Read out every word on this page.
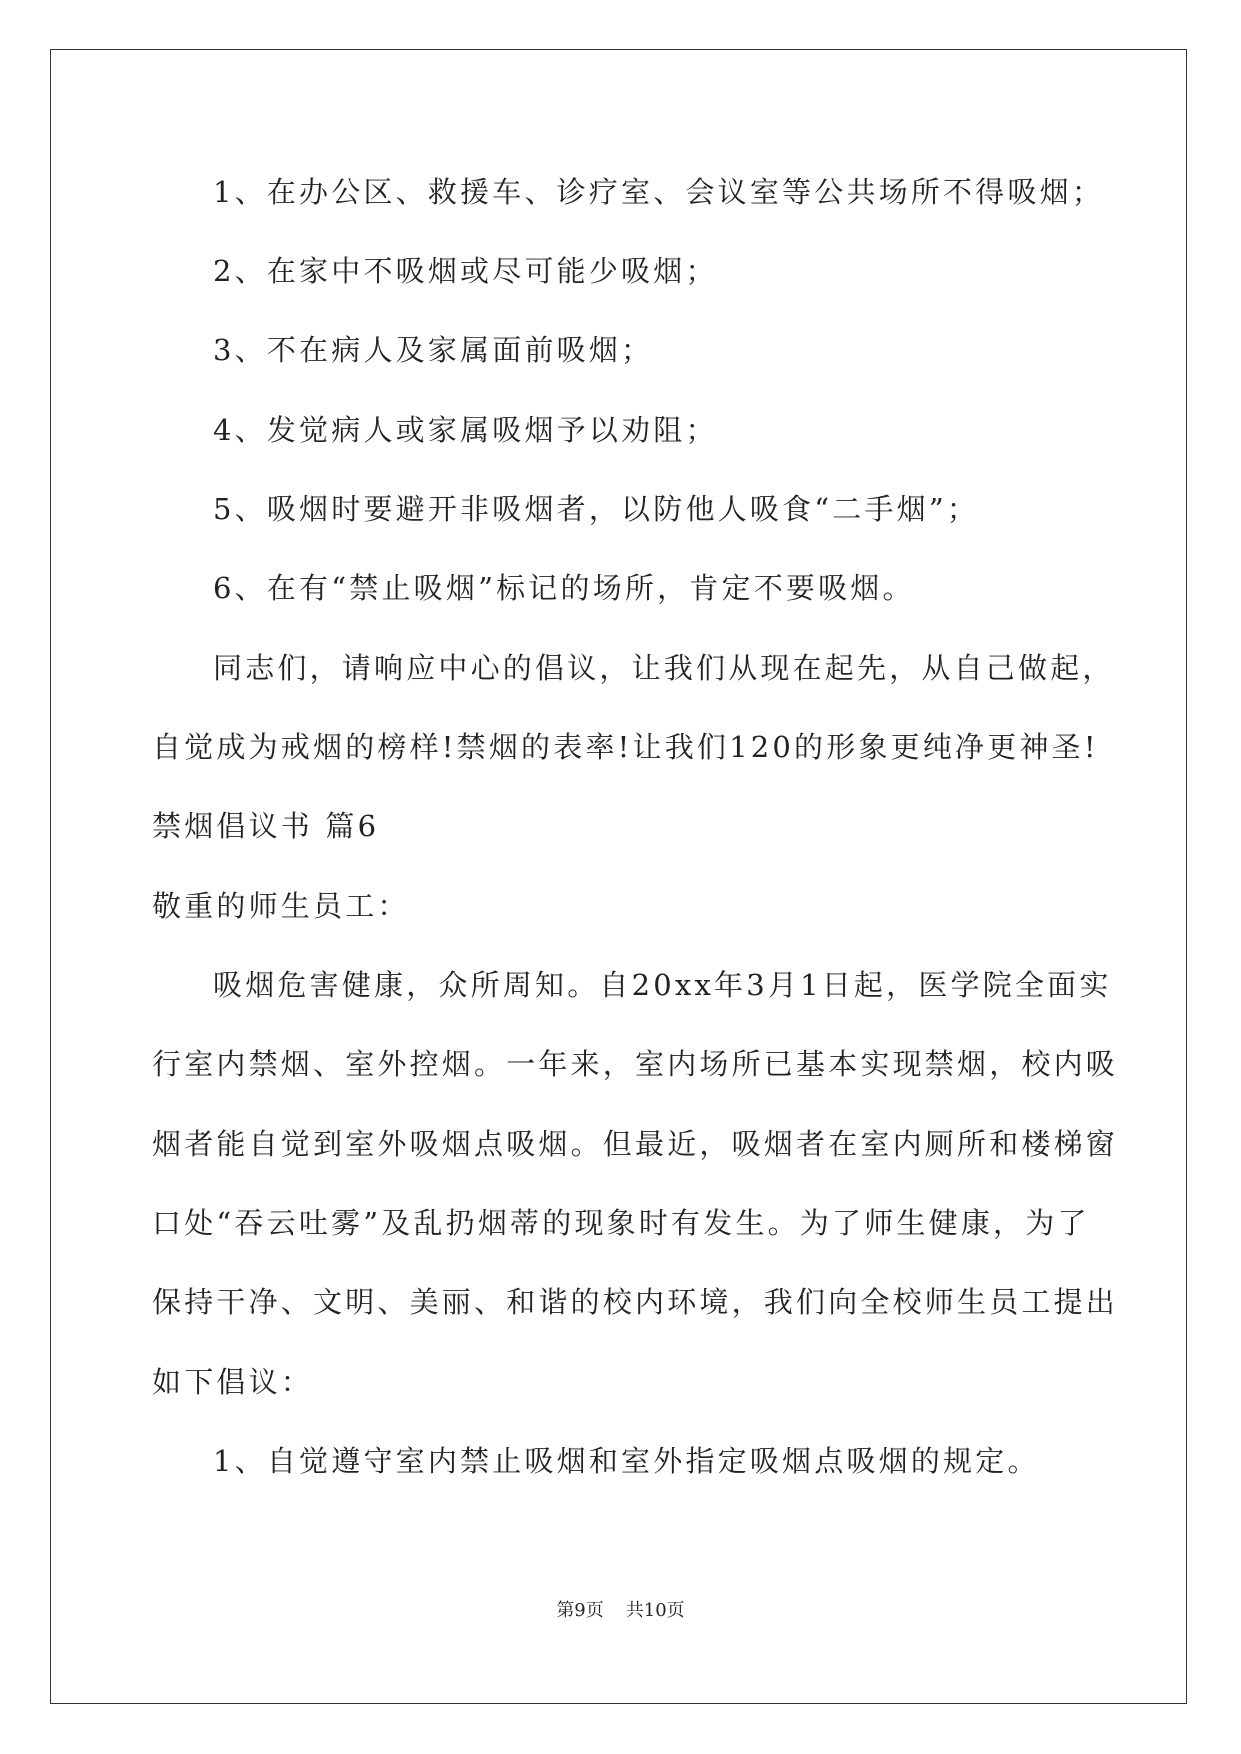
1、在办公区、救援车、诊疗室、会议室等公共场所不得吸烟；
2、在家中不吸烟或尽可能少吸烟；
3、不在病人及家属面前吸烟；
4、发觉病人或家属吸烟予以劝阻；
5、吸烟时要避开非吸烟者，以防他人吸食“二手烟”；
6、在有“禁止吸烟”标记的场所，肯定不要吸烟。
同志们，请响应中心的倡议，让我们从现在起先，从自己做起，
自觉成为戒烟的榜样!禁烟的表率!让我们120的形象更纯净更神圣!
禁烟倡议书 篇6
敬重的师生员工：
吸烟危害健康，众所周知。自20xx年3月1日起，医学院全面实
行室内禁烟、室外控烟。一年来，室内场所已基本实现禁烟，校内吸
烟者能自觉到室外吸烟点吸烟。但最近，吸烟者在室内厕所和楼梯窗
口处“吞云吐雾”及乱扔烟蒂的现象时有发生。为了师生健康，为了
保持干净、文明、美丽、和谐的校内环境，我们向全校师生员工提出
如下倡议：
1、自觉遵守室内禁止吸烟和室外指定吸烟点吸烟的规定。
第9页 共10页
